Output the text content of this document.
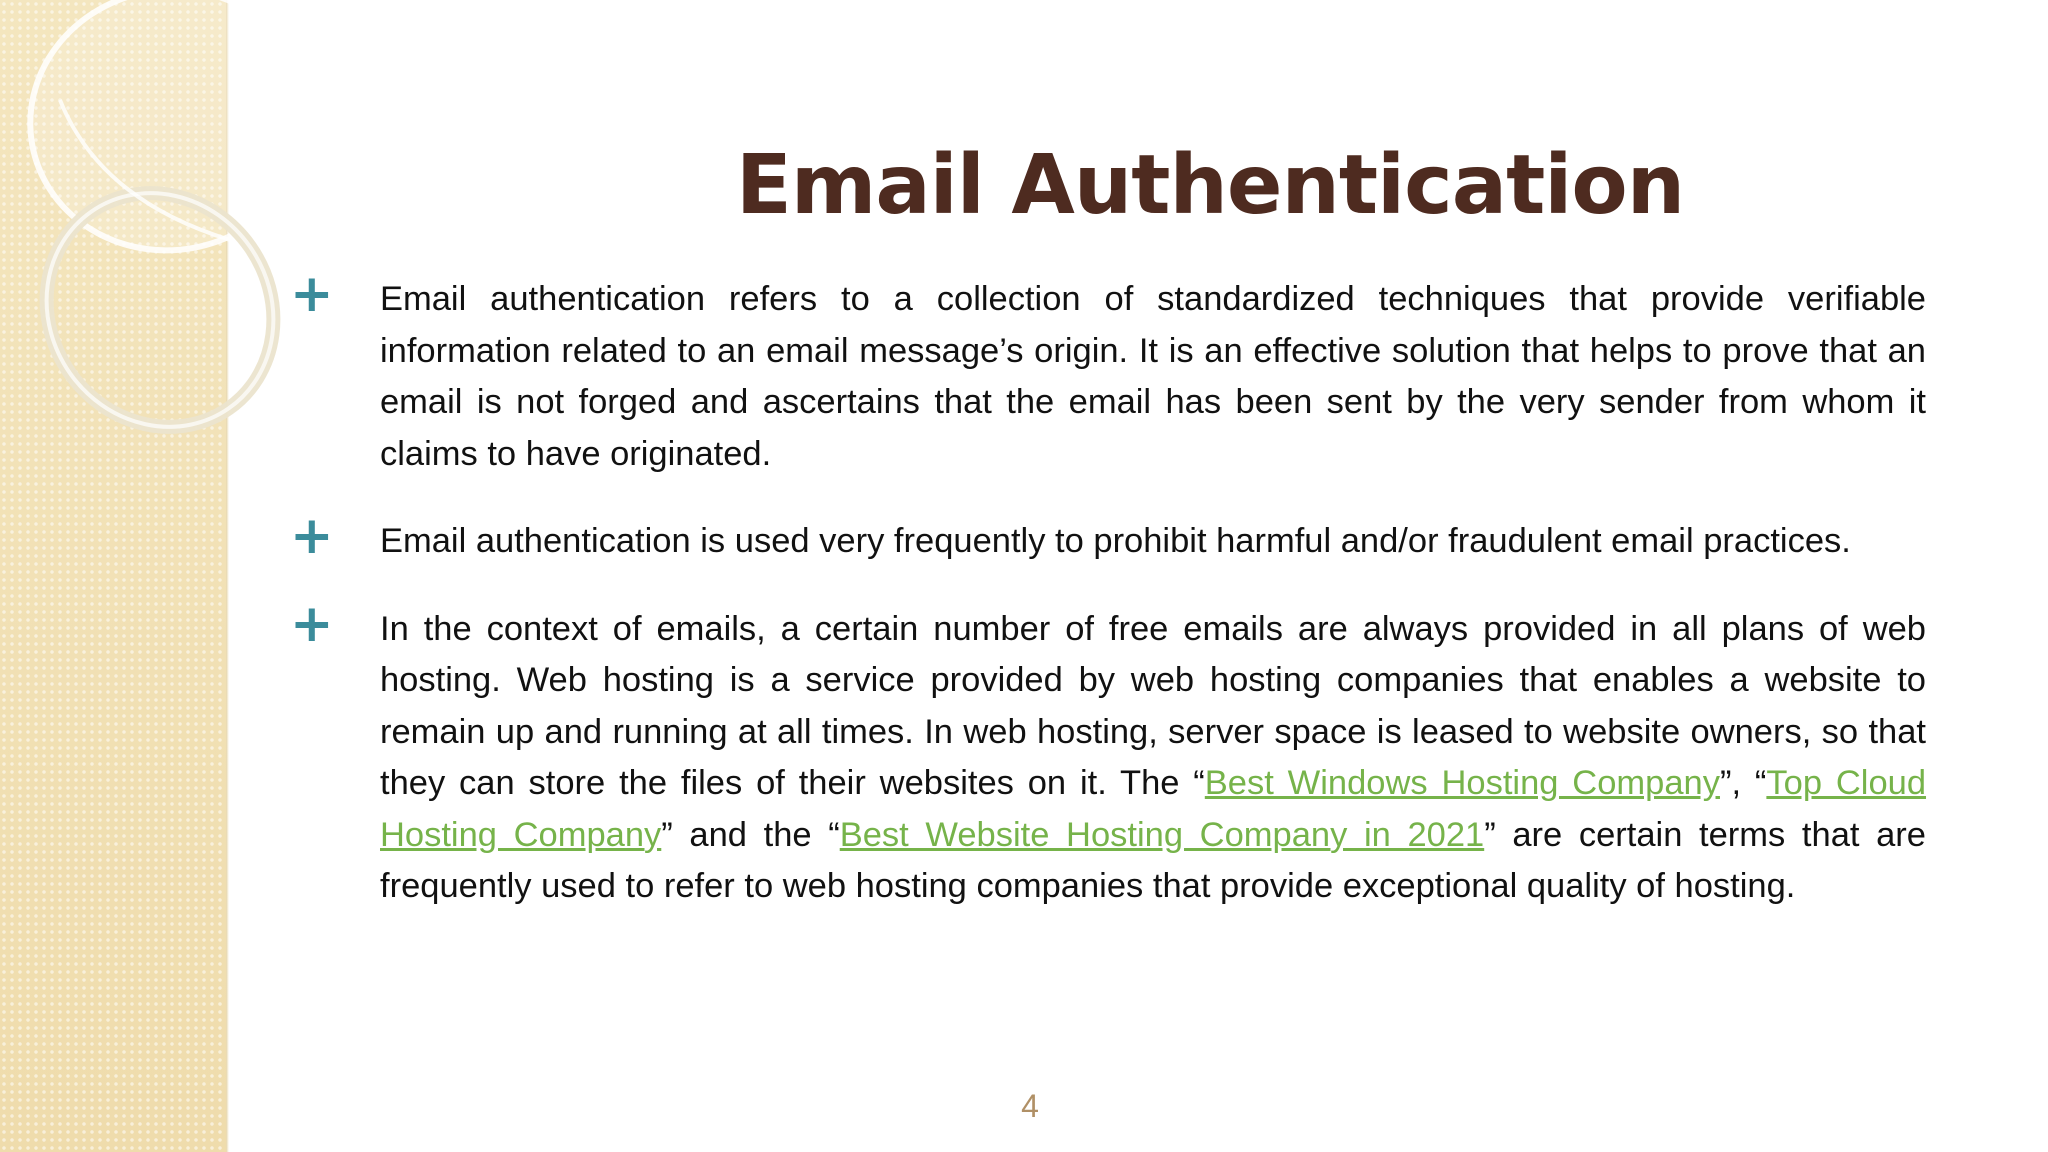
Email Authentication
+ Email authentication refers to a collection of standardized techniques that provide verifiable information related to an email message’s origin. It is an effective solution that helps to prove that an email is not forged and ascertains that the email has been sent by the very sender from whom it claims to have originated.
+ Email authentication is used very frequently to prohibit harmful and/or fraudulent email practices.
+ In the context of emails, a certain number of free emails are always provided in all plans of web hosting. Web hosting is a service provided by web hosting companies that enables a website to remain up and running at all times. In web hosting, server space is leased to website owners, so that they can store the files of their websites on it. The “Best Windows Hosting Company”, “Top Cloud Hosting Company” and the “Best Website Hosting Company in 2021” are certain terms that are frequently used to refer to web hosting companies that provide exceptional quality of hosting.
4
